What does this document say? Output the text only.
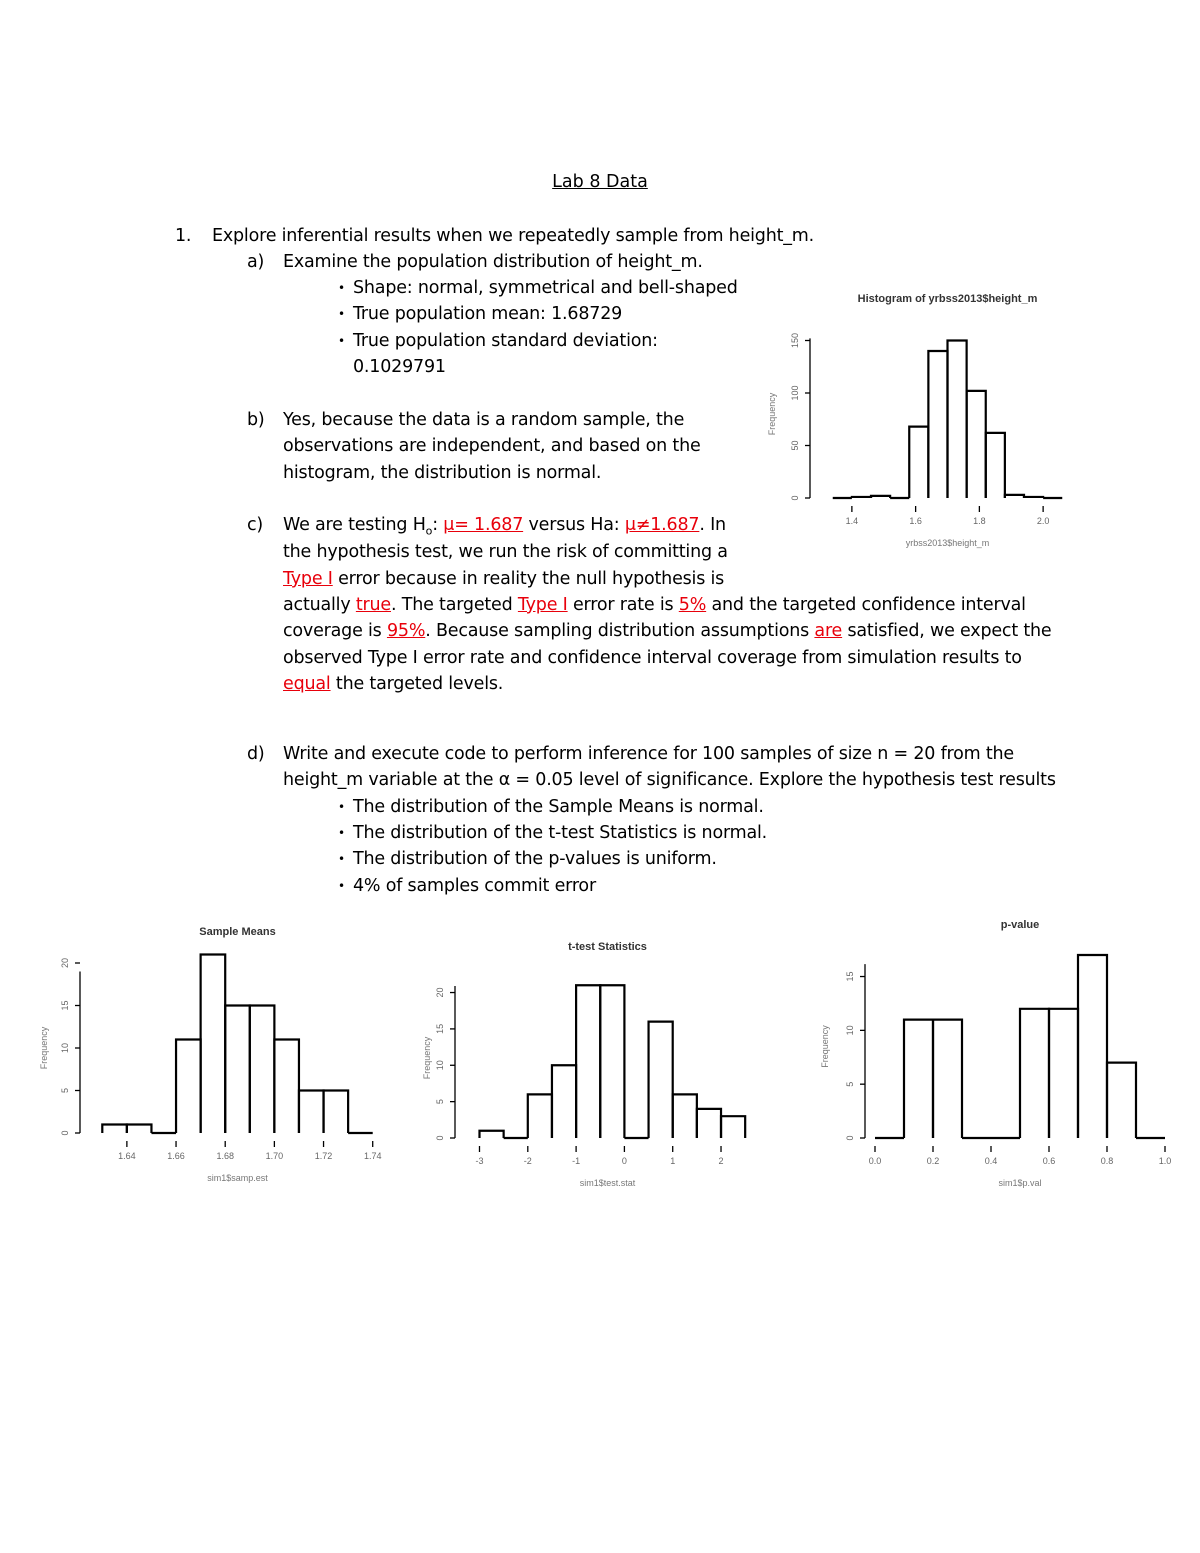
Lab 8 Data
1. Explore inferential results when we repeatedly sample from height_m.
a) Examine the population distribution of height_m.
• Shape: normal, symmetrical and bell-shaped
• True population mean: 1.68729
• True population standard deviation:
0.1029791
b) Yes, because the data is a random sample, the
observations are independent, and based on the
histogram, the distribution is normal.
c) We are testing $H_o$: μ= 1.687 versus Ha: μ≠1.687. In
the hypothesis test, we run the risk of committing a
Type I error because in reality the null hypothesis is
actually true. The targeted Type I error rate is 5% and the targeted confidence interval
coverage is 95%. Because sampling distribution assumptions are satisfied, we expect the
observed Type I error rate and confidence interval coverage from simulation results to
equal the targeted levels.
d) Write and execute code to perform inference for 100 samples of size n = 20 from the
height_m variable at the α = 0.05 level of significance. Explore the hypothesis test results
• The distribution of the Sample Means is normal.
• The distribution of the t-test Statistics is normal.
• The distribution of the p-values is uniform.
• 4% of samples commit error
Histogram of yrbss2013$height_m
0
50
100
150
Frequency
1.4	1.6	1.8	2.0
yrbss2013$height_m
Sample Means
0
5
10
15
20
Frequency
1.64	1.66	1.68	1.70	1.72	1.74
sim1$samp.est
t-test Statistics
0
5
10
15
20
Frequency
-3	-2	-1	0	1	2
sim1$test.stat
p-value
0
5
10
15
Frequency
0.0	0.2	0.4	0.6	0.8	1.0
sim1$p.val
